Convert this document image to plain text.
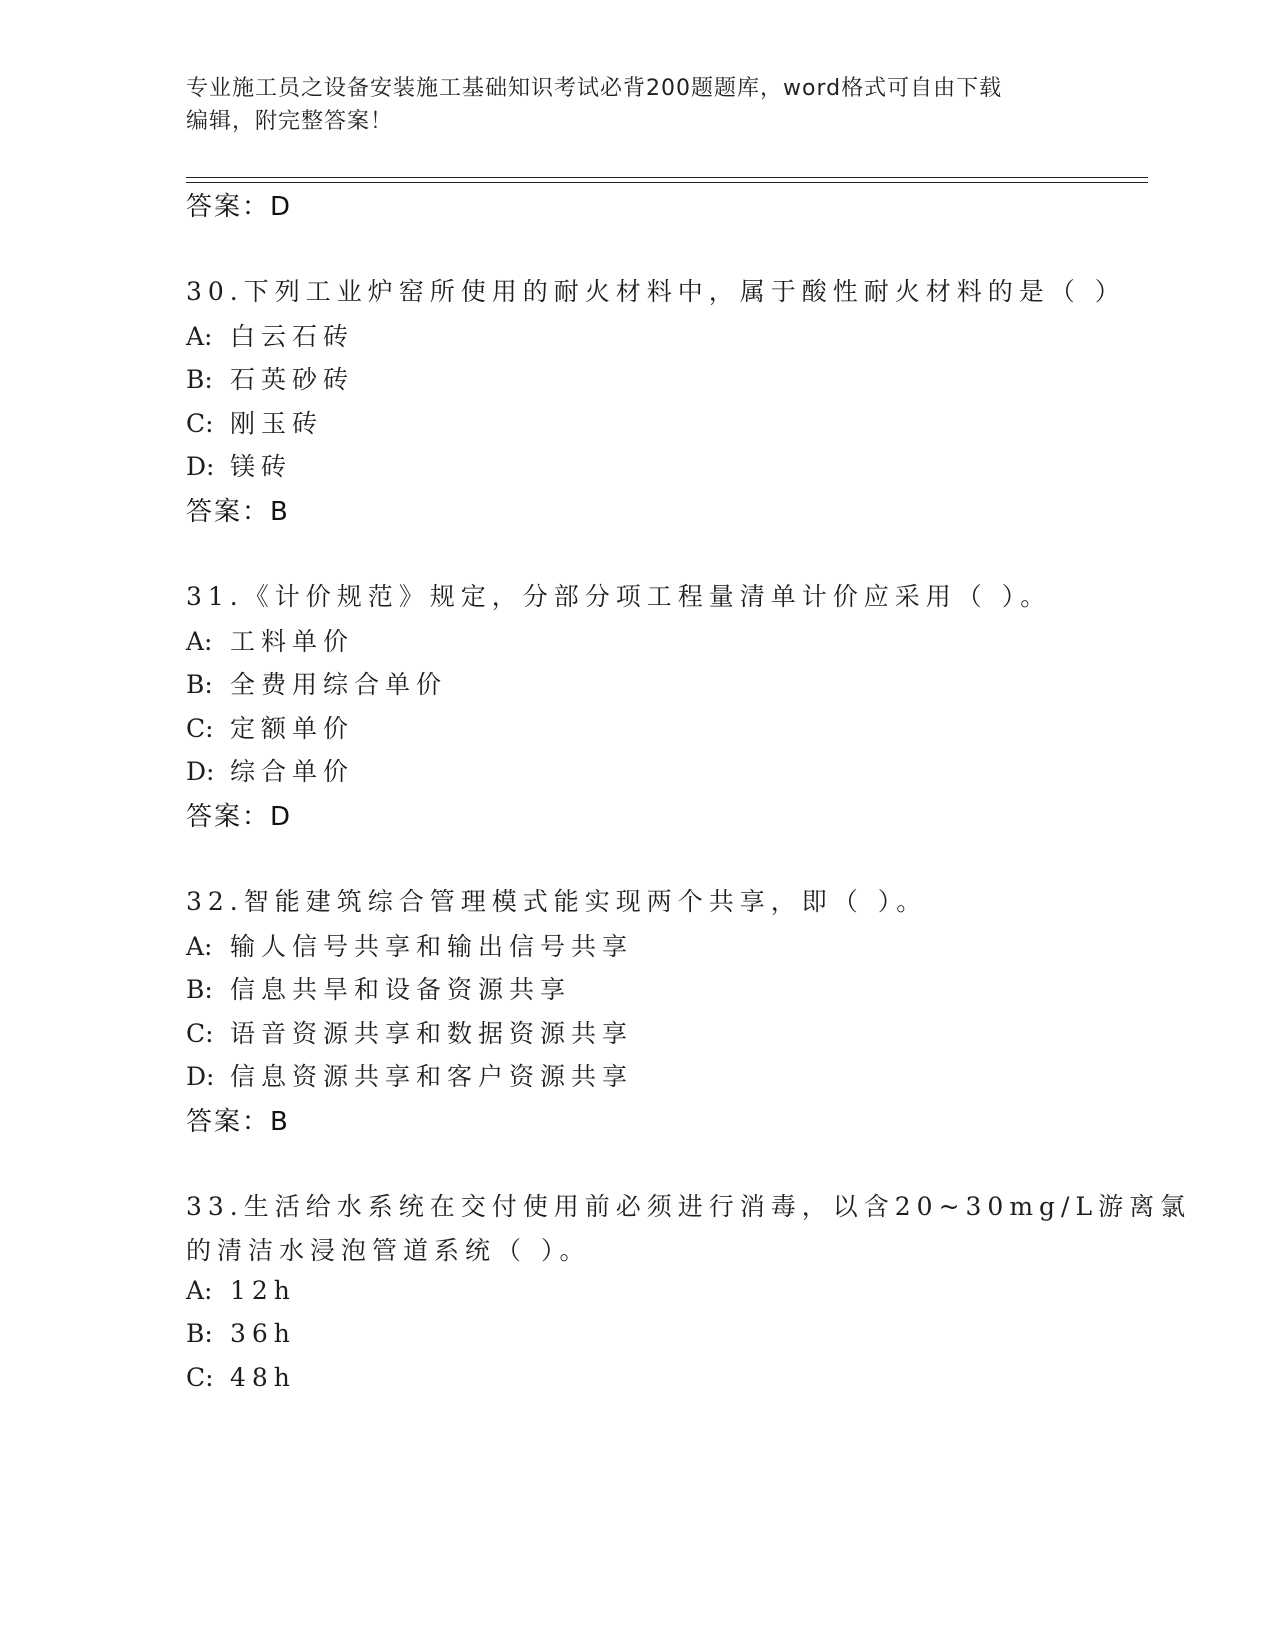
专业施工员之设备安装施工基础知识考试必背200题题库，word格式可自由下载
编辑，附完整答案！
答案：D
30.下列工业炉窑所使用的耐火材料中，属于酸性耐火材料的是（ ）
A: 白云石砖
B: 石英砂砖
C: 刚玉砖
D: 镁砖
答案：B
31.《计价规范》规定，分部分项工程量清单计价应采用（ ）。
A: 工料单价
B: 全费用综合单价
C: 定额单价
D: 综合单价
答案：D
32.智能建筑综合管理模式能实现两个共享，即（ ）。
A: 输人信号共享和输出信号共享
B: 信息共旱和设备资源共享
C: 语音资源共享和数据资源共享
D: 信息资源共享和客户资源共享
答案：B
33.生活给水系统在交付使用前必须进行消毒，以含20~30mg/L游离氯
的清洁水浸泡管道系统（ ）。
A: 12h
B: 36h
C: 48h
